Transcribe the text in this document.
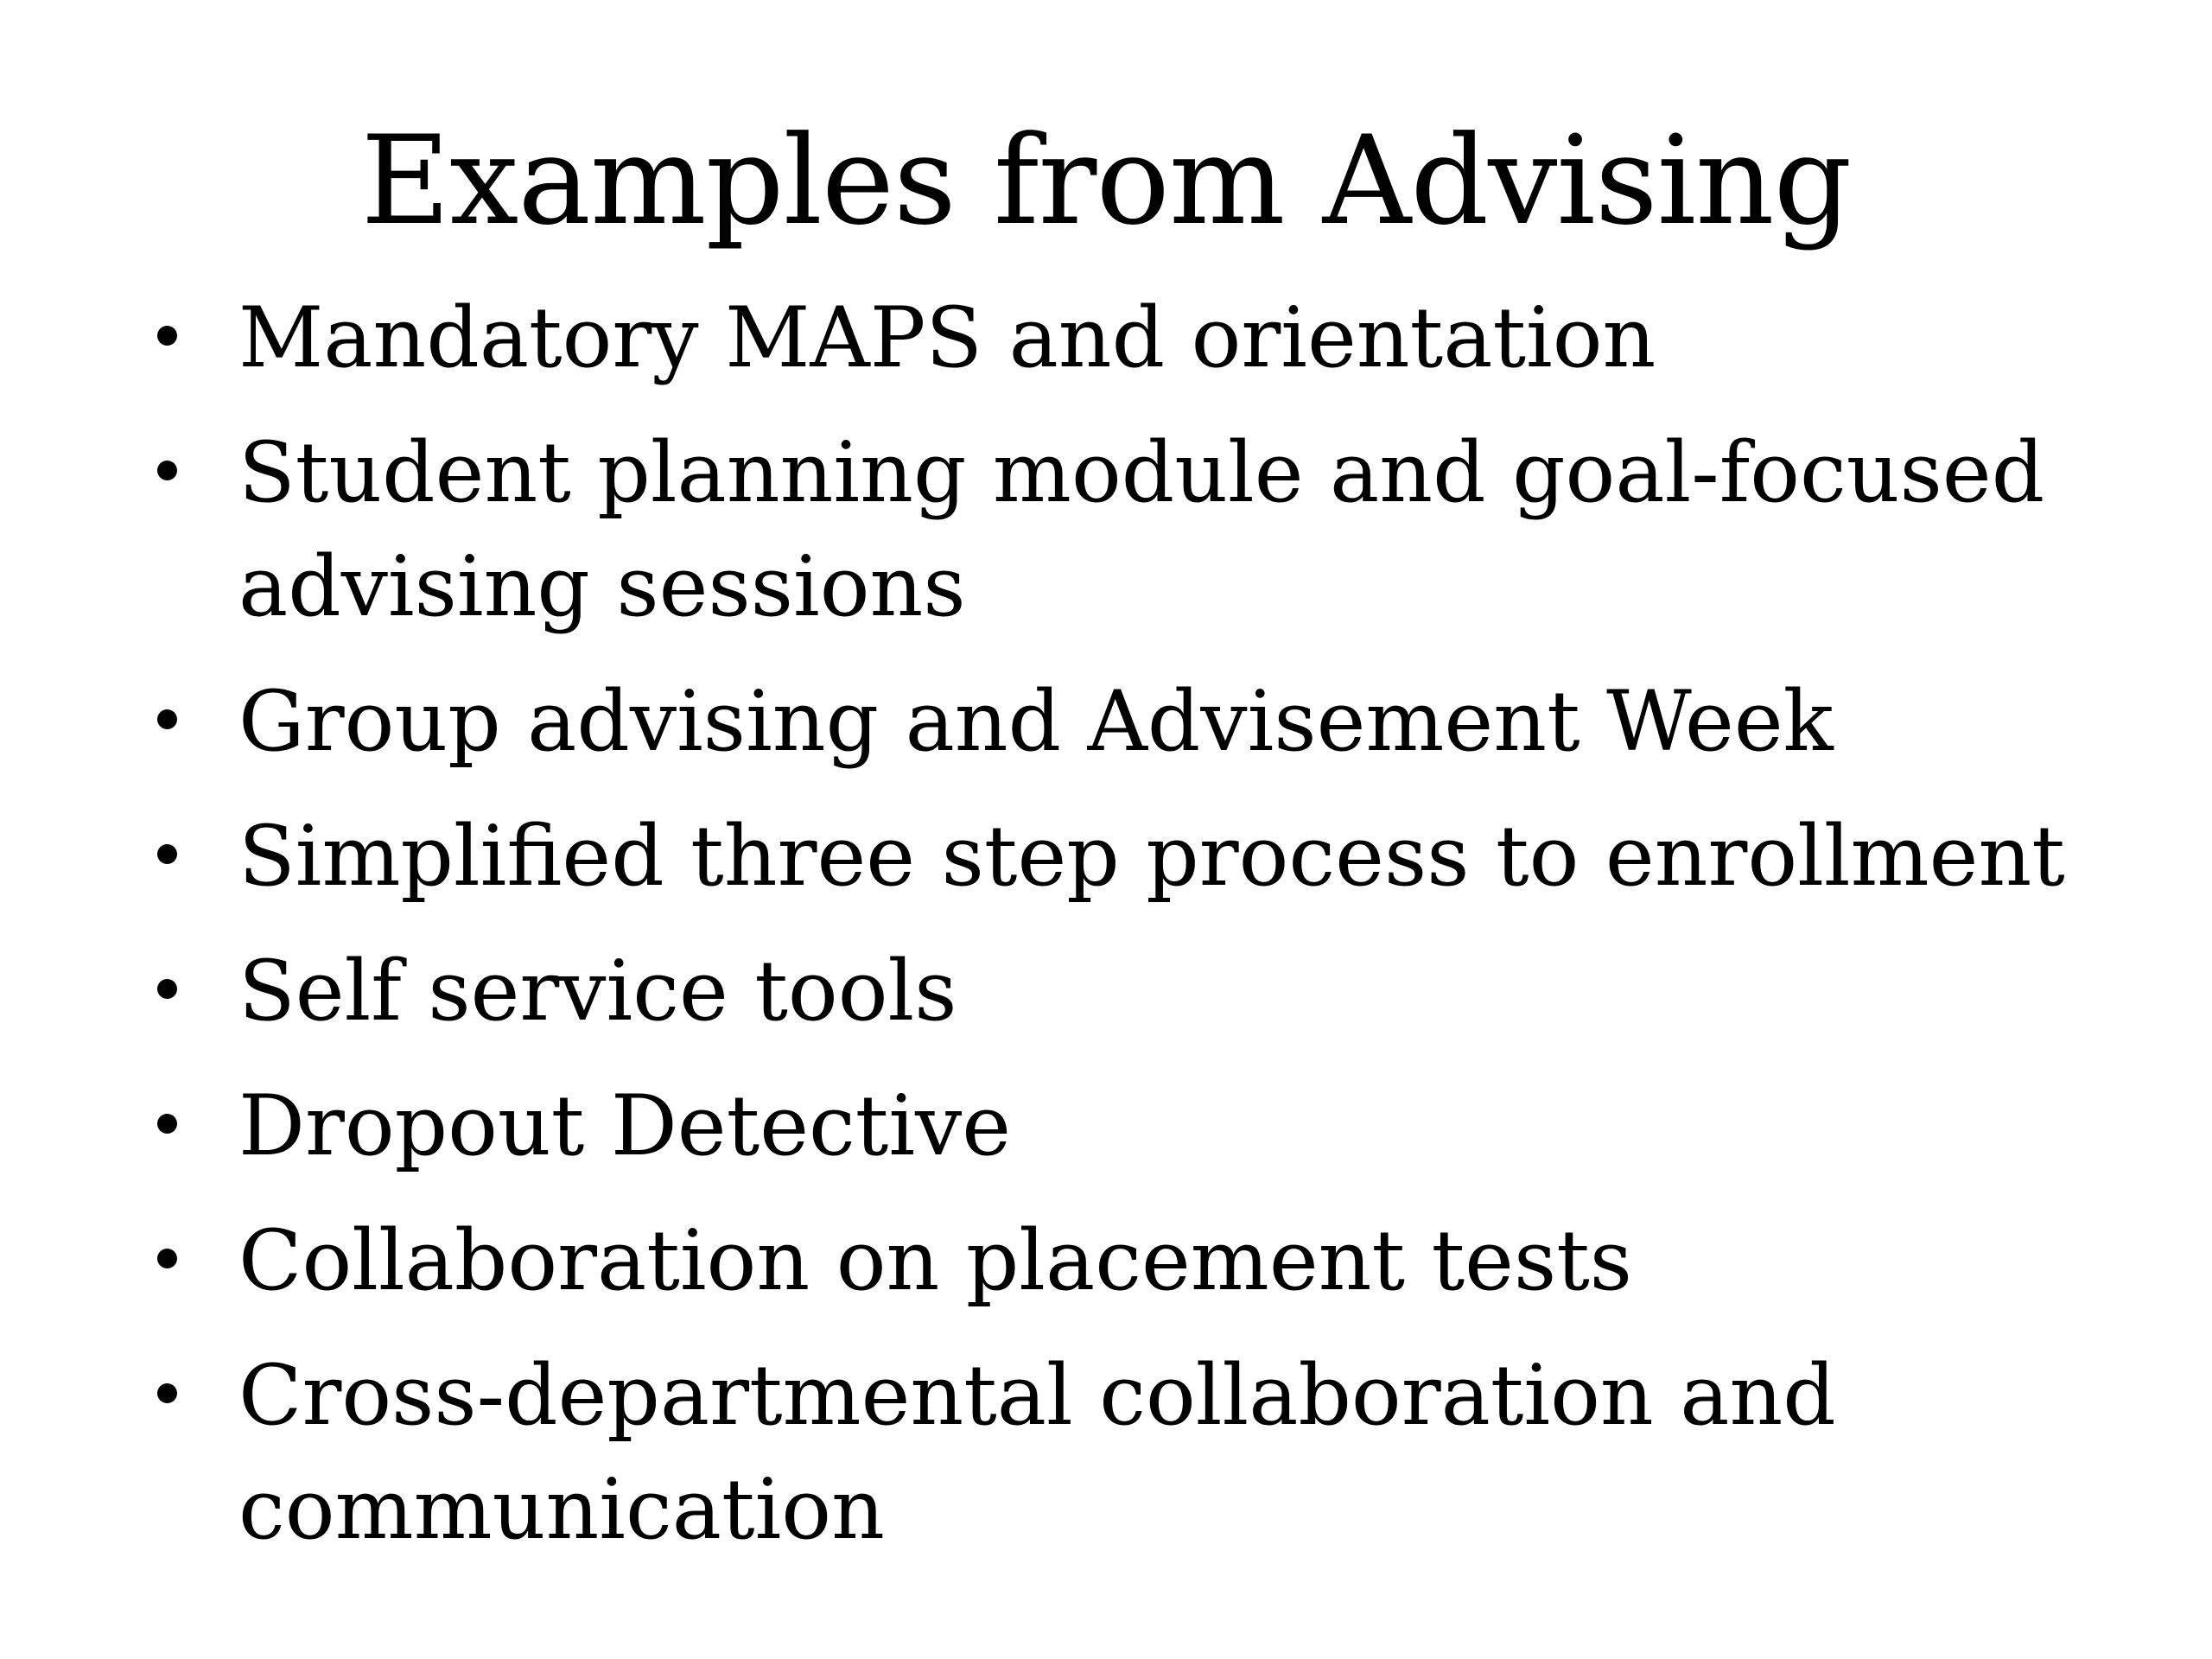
Examples from Advising
Mandatory MAPS and orientation
Student planning module and goal-focused advising sessions
Group advising and Advisement Week
Simplified three step process to enrollment
Self service tools
Dropout Detective
Collaboration on placement tests
Cross-departmental collaboration and communication
